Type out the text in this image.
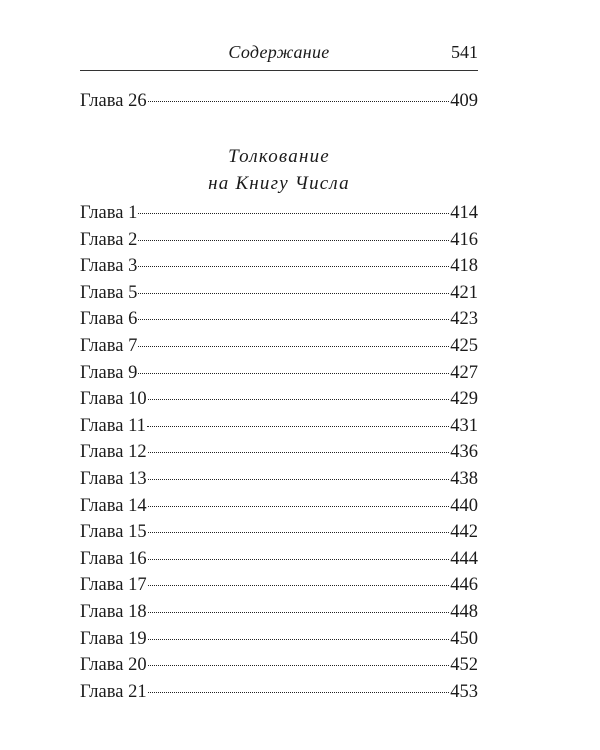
Содержание	541
Глава 26	409
Толкование
на Книгу Числа
Глава 1	414
Глава 2	416
Глава 3	418
Глава 5	421
Глава 6	423
Глава 7	425
Глава 9	427
Глава 10	429
Глава 11	431
Глава 12	436
Глава 13	438
Глава 14	440
Глава 15	442
Глава 16	444
Глава 17	446
Глава 18	448
Глава 19	450
Глава 20	452
Глава 21	453
